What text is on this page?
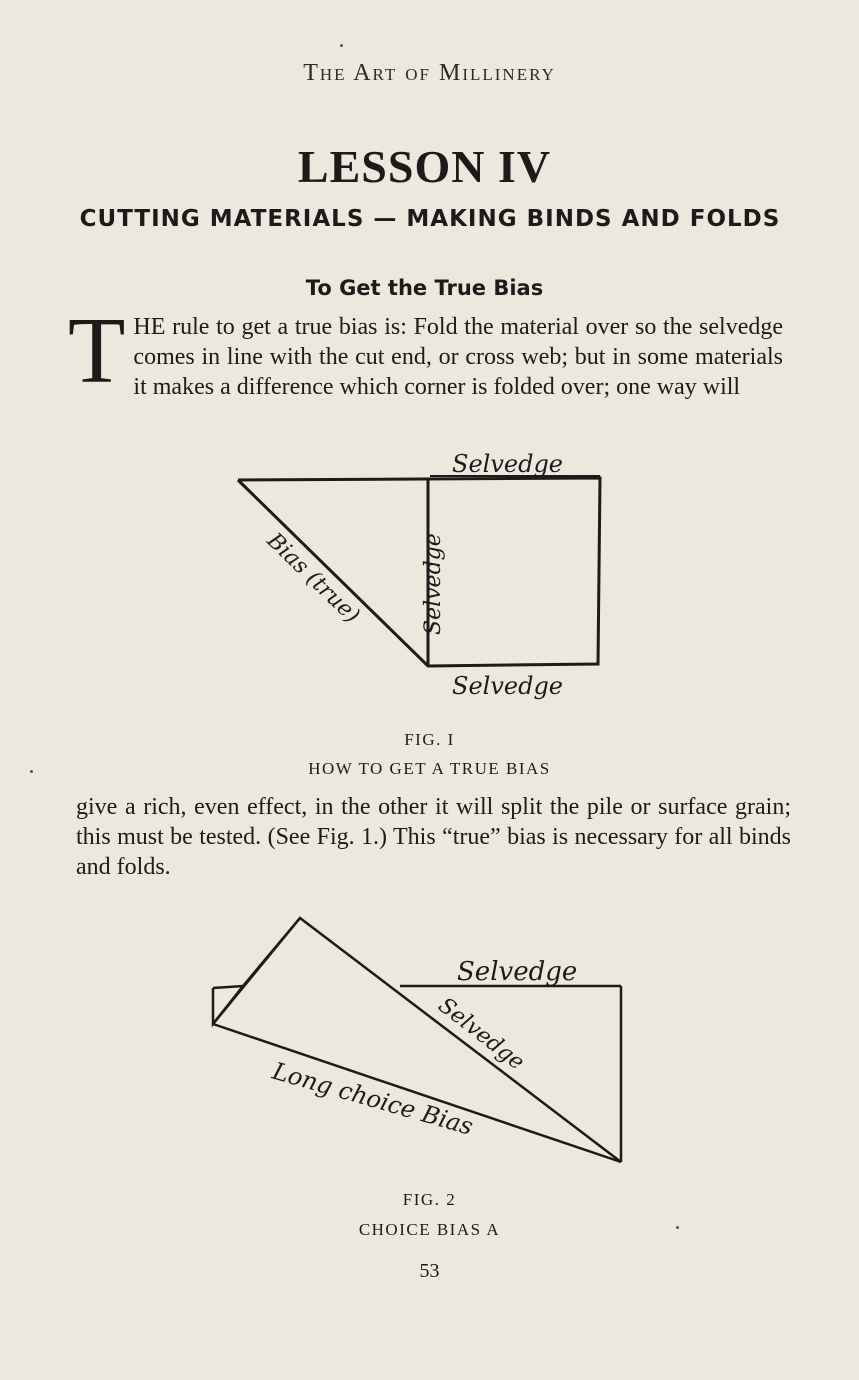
The Art of Millinery
LESSON IV
CUTTING MATERIALS — MAKING BINDS AND FOLDS
To Get the True Bias
T HE rule to get a true bias is: Fold the material over so the selvedge comes in line with the cut end, or cross web; but in some materials it makes a difference which corner is folded over; one way will
Selvedge
Selvedge
Selvedge
Bias (true)
FIG. I
HOW TO GET A TRUE BIAS
give a rich, even effect, in the other it will split the pile or surface grain; this must be tested. (See Fig. 1.) This “true” bias is necessary for all binds and folds.
Selvedge
Selvedge
Long choice Bias
FIG. 2
CHOICE BIAS A
53
